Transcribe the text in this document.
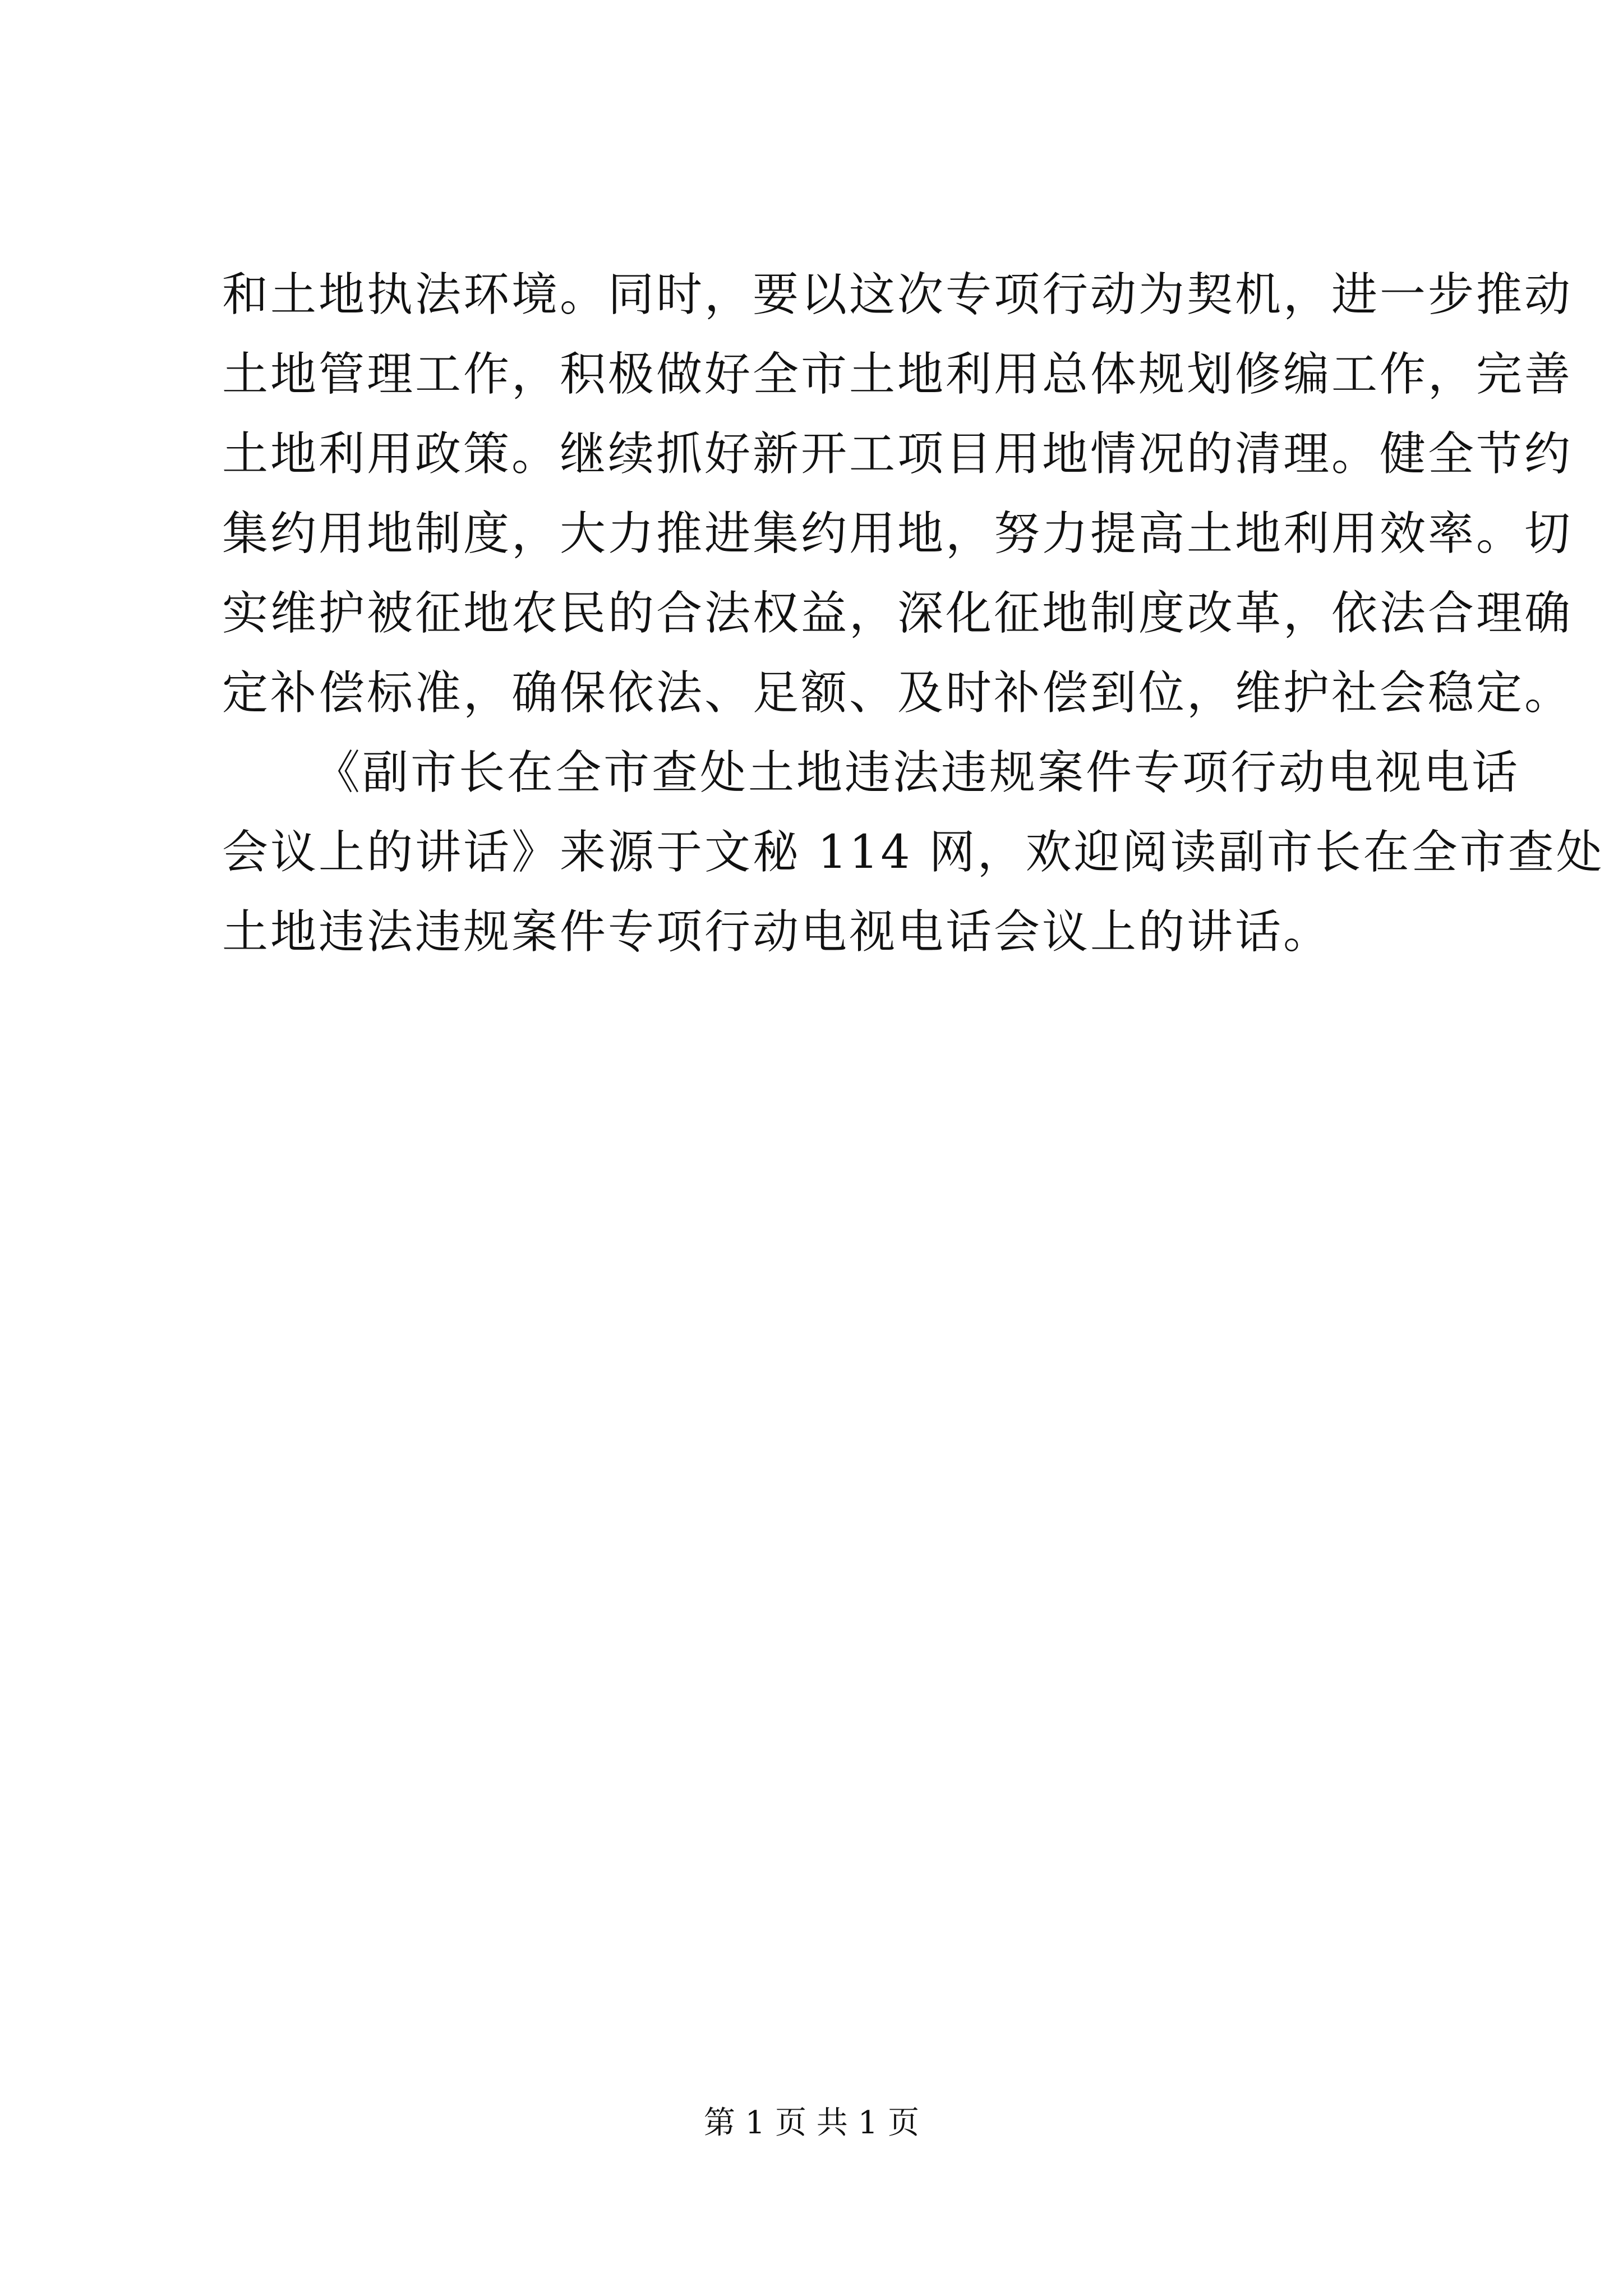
和土地执法环境。同时，要以这次专项行动为契机，进一步推动
土地管理工作，积极做好全市土地利用总体规划修编工作，完善
土地利用政策。继续抓好新开工项目用地情况的清理。健全节约
集约用地制度，大力推进集约用地，努力提高土地利用效率。切
实维护被征地农民的合法权益，深化征地制度改革，依法合理确
定补偿标准，确保依法、足额、及时补偿到位，维护社会稳定。
《副市长在全市查处土地违法违规案件专项行动电视电话
会议上的讲话》来源于文秘 114 网，欢迎阅读副市长在全市查处
土地违法违规案件专项行动电视电话会议上的讲话。
第 1 页 共 1 页
